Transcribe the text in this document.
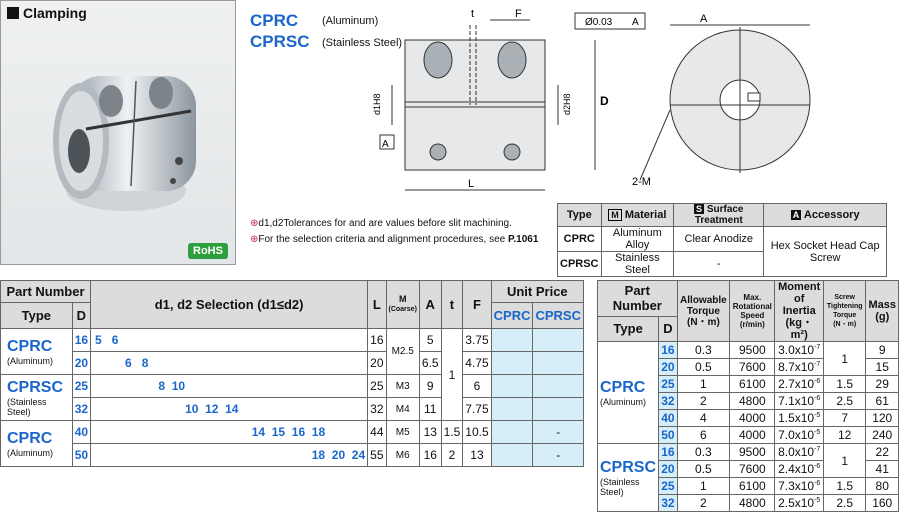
Clamping
RoHS
CPRC (Aluminum)
CPRSC (Stainless Steel)
t	F
Ø0.03 A
A
d1H8	d2H8 D
L
A
2-M
⊕d1,d2Tolerances for and are values before slit machining.
⊕For the selection criteria and alignment procedures, see P.1061
Type	M Material	S Surface Treatment	A Accessory
CPRC	Aluminum Alloy	Clear Anodize	Hex Socket Head Cap Screw
CPRSC	Stainless Steel	-	
Part Number		d1, d2 Selection (d1≤d2)	L	M
(Coarse)	A	t	F	Unit Price	
Type	D							CPRC	CPRSC

CPRC
(Aluminum)	16	5   6	16	M2.5	5	1	3.75		
	20	6   8	20		6.5		4.75		

CPRSC
(Stainless Steel)	25	8  10	25	M3	9		6		
	32	10  12  14	32	M4	11		7.75		

CPRC
(Aluminum)	40	14  15  16  18	44	M5	13	1.5	10.5		-
	50	18  20  24	55	M6	16	2	13		-
Part Number		Allowable Torque
(N・m)	Max. Rotational Speed
(r/min)	Moment of Inertia
(kg・m²)	Screw Tightening Torque (N・m)	Mass
(g)
Type	D					

CPRC
(Aluminum)	16	0.3	9500	$3.0x10^{-7}$	1	9
	20	0.5	7600	$8.7x10^{-7}$		15
	25	1	6100	$2.7x10^{-6}$	1.5	29
	32	2	4800	$7.1x10^{-6}$	2.5	61
	40	4	4000	$1.5x10^{-5}$	7	120
	50	6	4000	$7.0x10^{-5}$	12	240

CPRSC
(Stainless Steel)	16	0.3	9500	$8.0x10^{-7}$	1	22
	20	0.5	7600	$2.4x10^{-6}$		41
	25	1	6100	$7.3x10^{-6}$	1.5	80
	32	2	4800	$2.5x10^{-5}$	2.5	160
